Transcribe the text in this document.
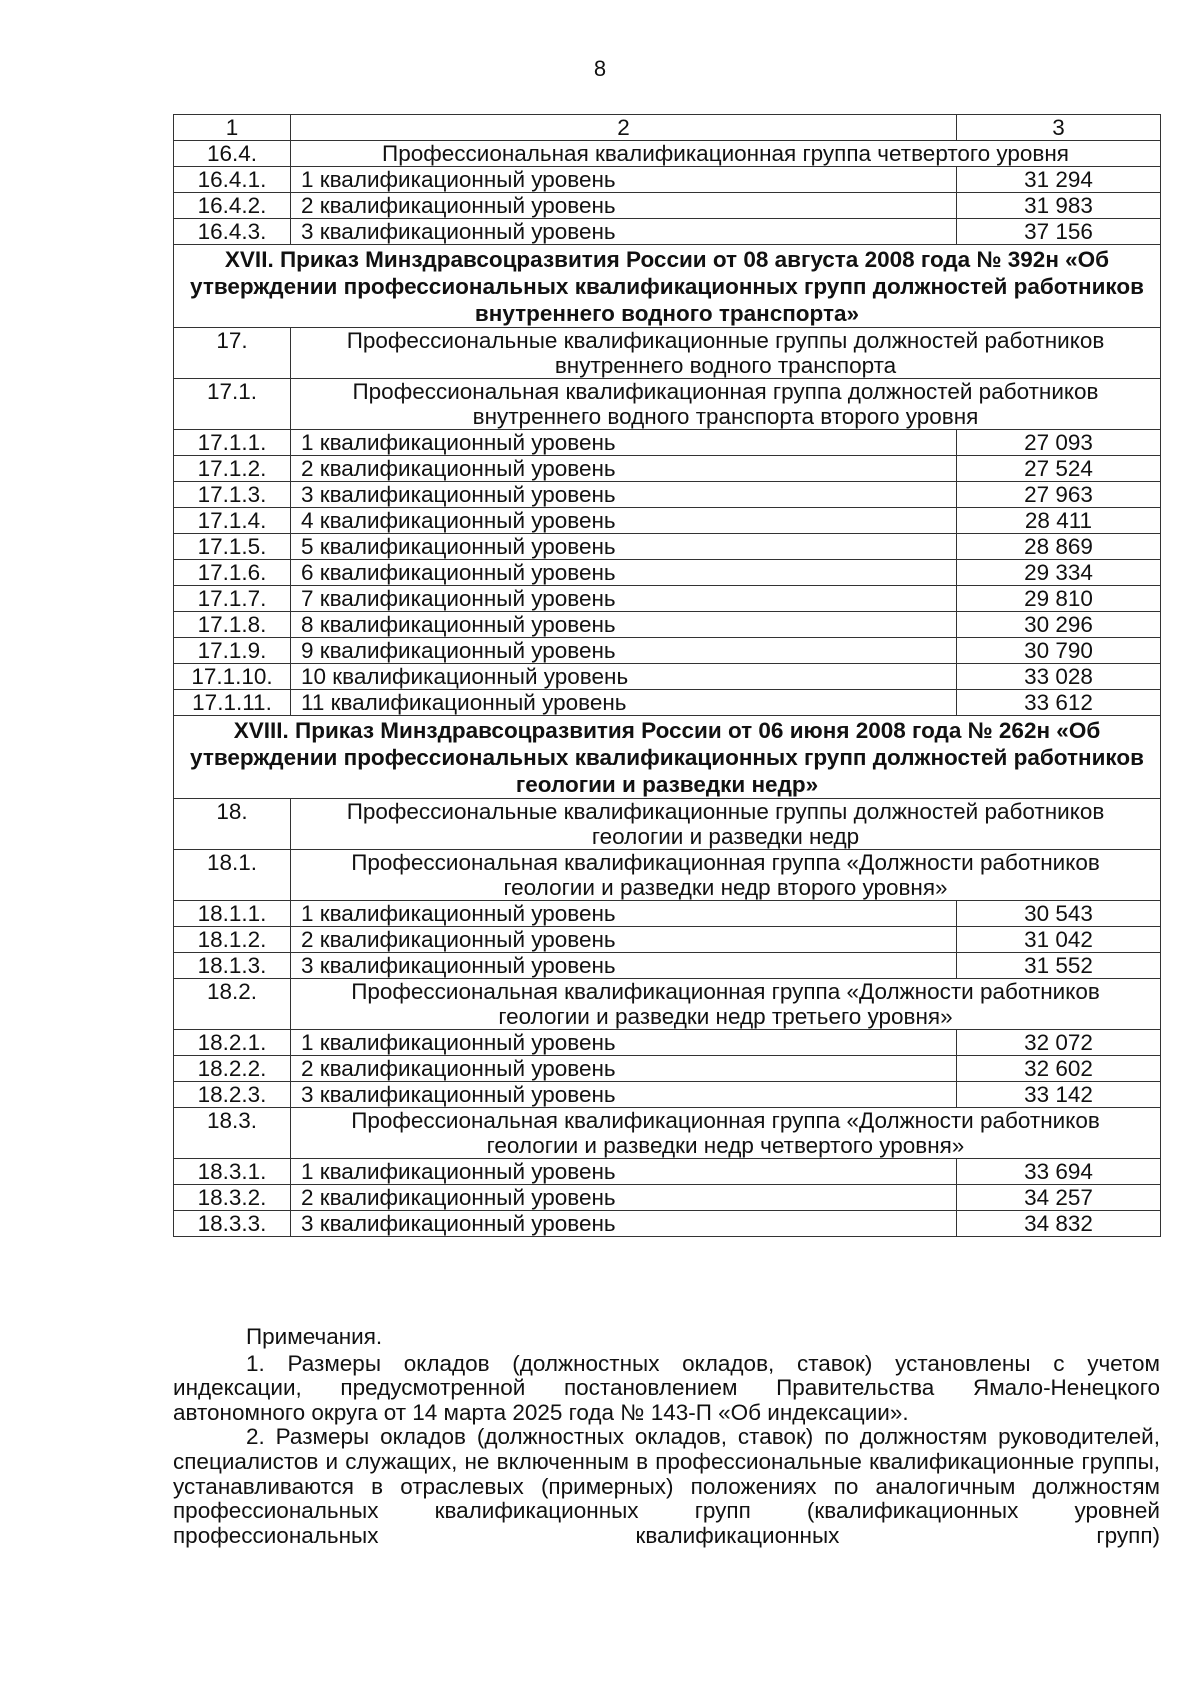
8
1	2	3
16.4.	Профессиональная квалификационная группа четвертого уровня	
16.4.1.	1 квалификационный уровень	31 294
16.4.2.	2 квалификационный уровень	31 983
16.4.3.	3 квалификационный уровень	37 156
XVII. Приказ Минздравсоцразвития России от 08 августа 2008 года № 392н «Об утверждении профессиональных квалификационных групп должностей работников внутреннего водного транспорта»		
17.	Профессиональные квалификационные группы должностей работников внутреннего водного транспорта	
17.1.	Профессиональная квалификационная группа должностей работников внутреннего водного транспорта второго уровня	
17.1.1.	1 квалификационный уровень	27 093
17.1.2.	2 квалификационный уровень	27 524
17.1.3.	3 квалификационный уровень	27 963
17.1.4.	4 квалификационный уровень	28 411
17.1.5.	5 квалификационный уровень	28 869
17.1.6.	6 квалификационный уровень	29 334
17.1.7.	7 квалификационный уровень	29 810
17.1.8.	8 квалификационный уровень	30 296
17.1.9.	9 квалификационный уровень	30 790
17.1.10.	10 квалификационный уровень	33 028
17.1.11.	11 квалификационный уровень	33 612
XVIII. Приказ Минздравсоцразвития России от 06 июня 2008 года № 262н «Об утверждении профессиональных квалификационных групп должностей работников геологии и разведки недр»		
18.	Профессиональные квалификационные группы должностей работников геологии и разведки недр	
18.1.	Профессиональная квалификационная группа «Должности работников геологии и разведки недр второго уровня»	
18.1.1.	1 квалификационный уровень	30 543
18.1.2.	2 квалификационный уровень	31 042
18.1.3.	3 квалификационный уровень	31 552
18.2.	Профессиональная квалификационная группа «Должности работников геологии и разведки недр третьего уровня»	
18.2.1.	1 квалификационный уровень	32 072
18.2.2.	2 квалификационный уровень	32 602
18.2.3.	3 квалификационный уровень	33 142
18.3.	Профессиональная квалификационная группа «Должности работников геологии и разведки недр четвертого уровня»	
18.3.1.	1 квалификационный уровень	33 694
18.3.2.	2 квалификационный уровень	34 257
18.3.3.	3 квалификационный уровень	34 832
Примечания.

1. Размеры окладов (должностных окладов, ставок) установлены с учетом индексации, предусмотренной постановлением Правительства Ямало-Ненецкого автономного округа от 14 марта 2025 года № 143-П «Об индексации».

2. Размеры окладов (должностных окладов, ставок) по должностям руководителей, специалистов и служащих, не включенным в профессиональные квалификационные группы, устанавливаются в отраслевых (примерных) положениях по аналогичным должностям профессиональных квалификационных групп (квалификационных уровней профессиональных квалификационных групп)
